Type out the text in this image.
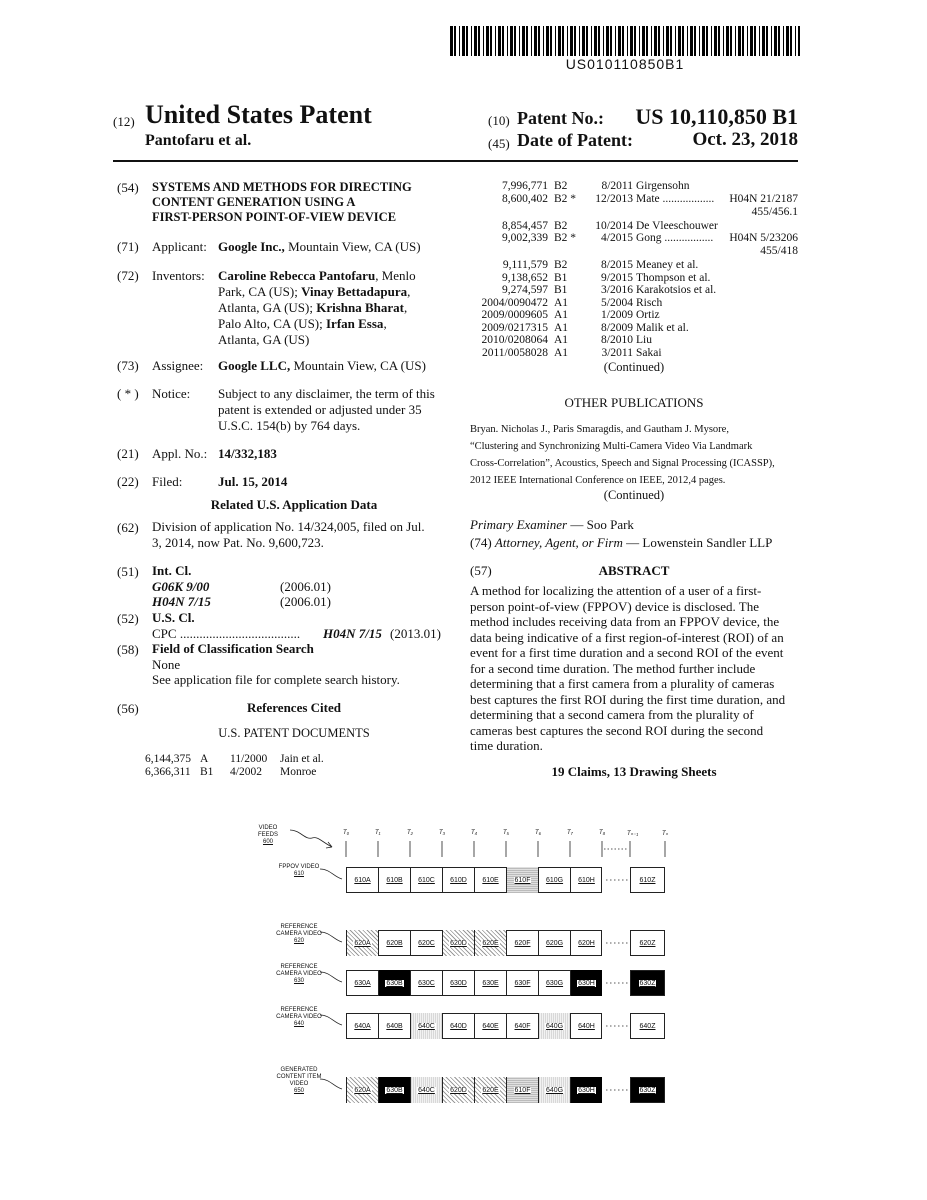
US010110850B1
(12) United States Patent
Pantofaru et al.
(10) Patent No.:	US 10,110,850 B1
(45) Date of Patent:	Oct. 23, 2018
(54) SYSTEMS AND METHODS FOR DIRECTING
CONTENT GENERATION USING A
FIRST-PERSON POINT-OF-VIEW DEVICE
(71) Applicant: Google Inc., Mountain View, CA (US)
(72) Inventors: Caroline Rebecca Pantofaru, Menlo
Park, CA (US); Vinay Bettadapura,
Atlanta, GA (US); Krishna Bharat,
Palo Alto, CA (US); Irfan Essa,
Atlanta, GA (US)
(73) Assignee: Google LLC, Mountain View, CA (US)
( * ) Notice: Subject to any disclaimer, the term of this
patent is extended or adjusted under 35
U.S.C. 154(b) by 764 days.
(21) Appl. No.: 14/332,183
(22) Filed:	Jul. 15, 2014
Related U.S. Application Data
(62) Division of application No. 14/324,005, filed on Jul.
3, 2014, now Pat. No. 9,600,723.
(51) Int. Cl.
G06K 9/00	(2006.01)
H04N 7/15	(2006.01)
(52) U.S. Cl.
CPC ..................................... H04N 7/15 (2013.01)
(58) Field of Classification Search
None
See application file for complete search history.
(56)	References Cited
U.S. PATENT DOCUMENTS
6,144,375 A 11/2000 Jain et al.
6,366,311 B1 4/2002 Monroe
7,996,771 B2	8/2011 Girgensohn
8,600,402 B2 *	12/2013 Mate ..................	H04N 21/2187
455/456.1
8,854,457 B2	10/2014 De Vleeschouwer
9,002,339 B2 *	4/2015 Gong .................	H04N 5/23206
455/418
9,111,579 B2	8/2015 Meaney et al.
9,138,652 B1	9/2015 Thompson et al.
9,274,597 B1	3/2016 Karakotsios et al.
2004/0090472 A1	5/2004 Risch
2009/0009605 A1	1/2009 Ortiz
2009/0217315 A1	8/2009 Malik et al.
2010/0208064 A1	8/2010 Liu
2011/0058028 A1	3/2011 Sakai
(Continued)
OTHER PUBLICATIONS
Bryan. Nicholas J., Paris Smaragdis, and Gautham J. Mysore,
“Clustering and Synchronizing Multi-Camera Video Via Landmark
Cross-Correlation”, Acoustics, Speech and Signal Processing (ICASSP),
2012 IEEE International Conference on IEEE, 2012,4 pages.
(Continued)
Primary Examiner — Soo Park
(74) Attorney, Agent, or Firm — Lowenstein Sandler LLP
(57)	ABSTRACT
A method for localizing the attention of a user of a first-
person point-of-view (FPPOV) device is disclosed. The
method includes receiving data from an FPPOV device, the
data being indicative of a first region-of-interest (ROI) of an
event for a first time duration and a second ROI of the event
for a second time duration. The method further include
determining that a first camera from a plurality of cameras
best captures the first ROI during the first time duration, and
determining that a second camera from the plurality of
cameras best captures the second ROI during the second
time duration.
19 Claims, 13 Drawing Sheets
VIDEO FEEDS
600
T₀	T₁	T₂	T₃	T₄	T₅	T₆	T₇	T₈	Tₙ₋₁	Tₙ
FPPOV VIDEO
610
610A 610B 610C 610D 610E 610F 610G 610H	610Z
REFERENCE
CAMERA VIDEO
620	620A 620B 620C 620D 620E 620F 620G 620H	620Z
REFERENCE
CAMERA VIDEO
630	630A 630B 630C 630D 630E 630F 630G 630H	630Z
REFERENCE
CAMERA VIDEO
640	640A 640B 640C 640D 640E 640F 640G 640H	640Z
GENERATED
CONTENT ITEM
VIDEO
650	620A 630B 640C 620D 620E 610F 640G 630H	630Z
